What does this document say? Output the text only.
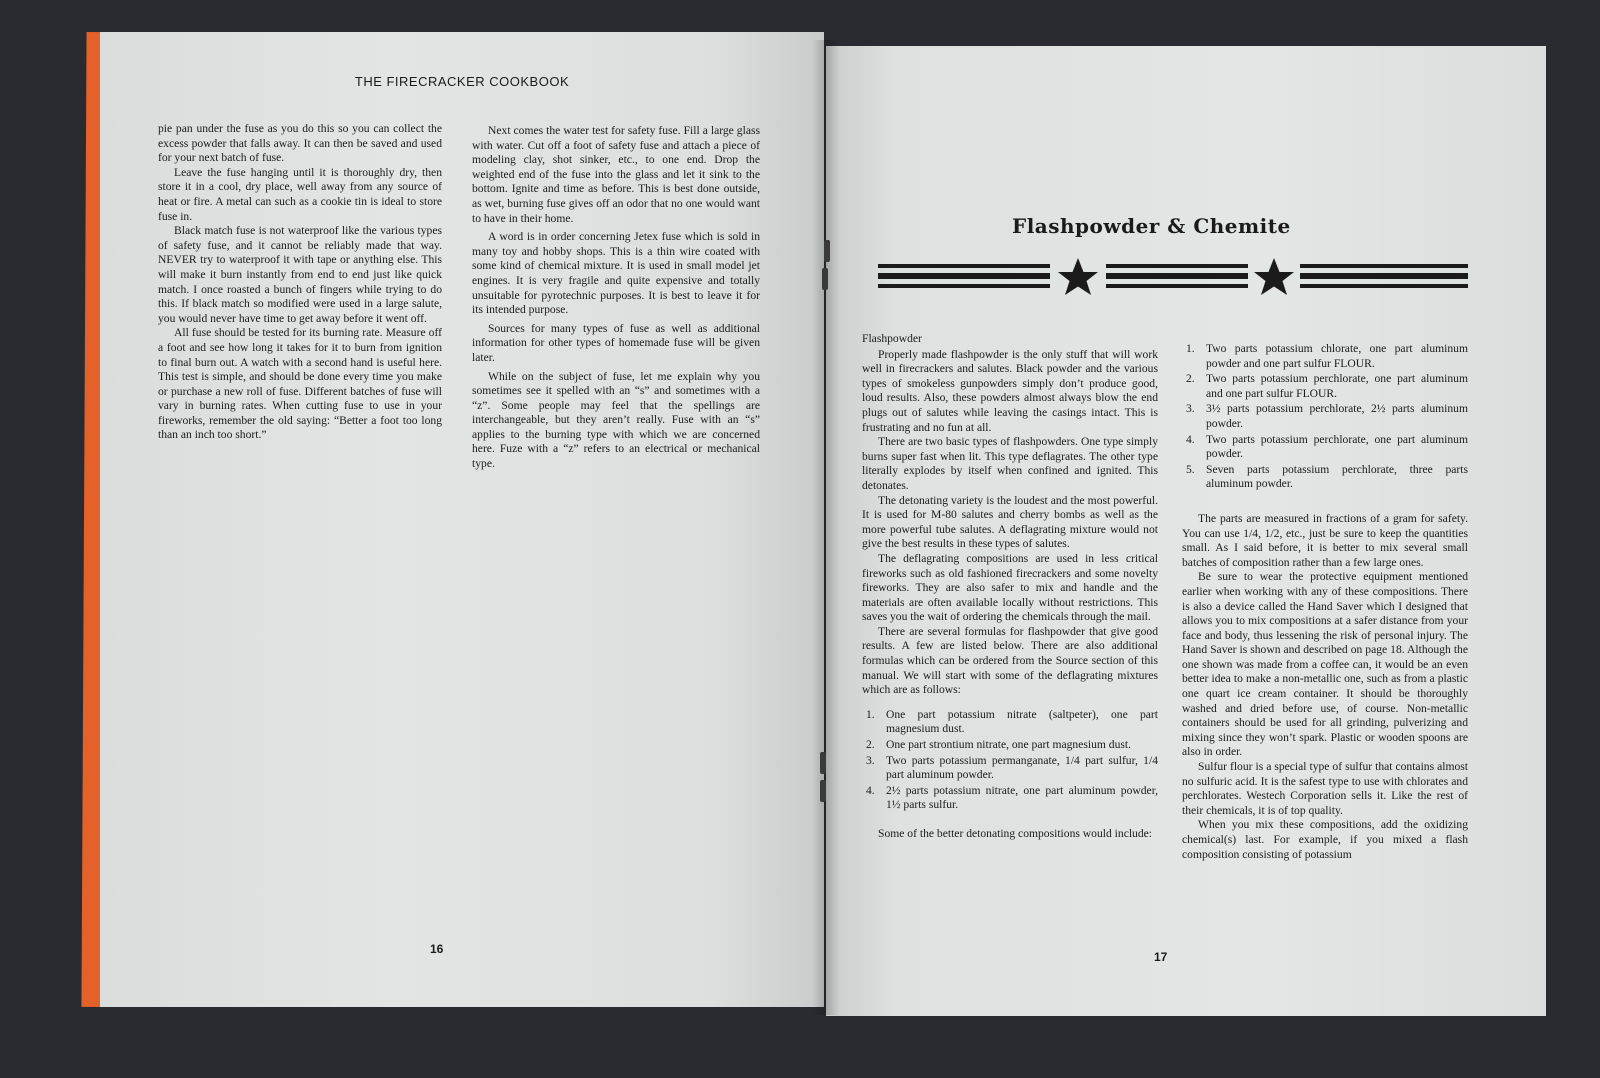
THE FIRECRACKER COOKBOOK

pie pan under the fuse as you do this so you can collect the excess powder that falls away. It can then be saved and used for your next batch of fuse.

Leave the fuse hanging until it is thoroughly dry, then store it in a cool, dry place, well away from any source of heat or fire. A metal can such as a cookie tin is ideal to store fuse in.

Black match fuse is not waterproof like the various types of safety fuse, and it cannot be reliably made that way. NEVER try to waterproof it with tape or anything else. This will make it burn instantly from end to end just like quick match. I once roasted a bunch of fingers while trying to do this. If black match so modified were used in a large salute, you would never have time to get away before it went off.

All fuse should be tested for its burning rate. Measure off a foot and see how long it takes for it to burn from ignition to final burn out. A watch with a second hand is useful here. This test is simple, and should be done every time you make or purchase a new roll of fuse. Different batches of fuse will vary in burning rates. When cutting fuse to use in your fireworks, remember the old saying: “Better a foot too long than an inch too short.”

Next comes the water test for safety fuse. Fill a large glass with water. Cut off a foot of safety fuse and attach a piece of modeling clay, shot sinker, etc., to one end. Drop the weighted end of the fuse into the glass and let it sink to the bottom. Ignite and time as before. This is best done outside, as wet, burning fuse gives off an odor that no one would want to have in their home.

A word is in order concerning Jetex fuse which is sold in many toy and hobby shops. This is a thin wire coated with some kind of chemical mixture. It is used in small model jet engines. It is very fragile and quite expensive and totally unsuitable for pyrotechnic purposes. It is best to leave it for its intended purpose.

Sources for many types of fuse as well as additional information for other types of homemade fuse will be given later.

While on the subject of fuse, let me explain why you sometimes see it spelled with an “s” and sometimes with a “z”. Some people may feel that the spellings are interchangeable, but they aren’t really. Fuse with an “s” applies to the burning type with which we are concerned here. Fuze with a “z” refers to an electrical or mechanical type.

16
Flashpowder & Chemite
Flashpowder

Properly made flashpowder is the only stuff that will work well in firecrackers and salutes. Black powder and the various types of smokeless gunpowders simply don’t produce good, loud results. Also, these powders almost always blow the end plugs out of salutes while leaving the casings intact. This is frustrating and no fun at all.

There are two basic types of flashpowders. One type simply burns super fast when lit. This type deflagrates. The other type literally explodes by itself when confined and ignited. This detonates.

The detonating variety is the loudest and the most powerful. It is used for M-80 salutes and cherry bombs as well as the more powerful tube salutes. A deflagrating mixture would not give the best results in these types of salutes.

The deflagrating compositions are used in less critical fireworks such as old fashioned firecrackers and some novelty fireworks. They are also safer to mix and handle and the materials are often available locally without restrictions. This saves you the wait of ordering the chemicals through the mail.

There are several formulas for flashpowder that give good results. A few are listed below. There are also additional formulas which can be ordered from the Source section of this manual. We will start with some of the deflagrating mixtures which are as follows:

1. One part potassium nitrate (saltpeter), one part magnesium dust.
2. One part strontium nitrate, one part magnesium dust.
3. Two parts potassium permanganate, 1/4 part sulfur, 1/4 part aluminum powder.
4. 2½ parts potassium nitrate, one part aluminum powder, 1½ parts sulfur.

Some of the better detonating compositions would include:

1. Two parts potassium chlorate, one part aluminum powder and one part sulfur FLOUR.
2. Two parts potassium perchlorate, one part aluminum and one part sulfur FLOUR.
3. 3½ parts potassium perchlorate, 2½ parts aluminum powder.
4. Two parts potassium perchlorate, one part aluminum powder.
5. Seven parts potassium perchlorate, three parts aluminum powder.

The parts are measured in fractions of a gram for safety. You can use 1/4, 1/2, etc., just be sure to keep the quantities small. As I said before, it is better to mix several small batches of composition rather than a few large ones.

Be sure to wear the protective equipment mentioned earlier when working with any of these compositions. There is also a device called the Hand Saver which I designed that allows you to mix compositions at a safer distance from your face and body, thus lessening the risk of personal injury. The Hand Saver is shown and described on page 18. Although the one shown was made from a coffee can, it would be an even better idea to make a non-metallic one, such as from a plastic one quart ice cream container. It should be thoroughly washed and dried before use, of course. Non-metallic containers should be used for all grinding, pulverizing and mixing since they won’t spark. Plastic or wooden spoons are also in order.

Sulfur flour is a special type of sulfur that contains almost no sulfuric acid. It is the safest type to use with chlorates and perchlorates. Westech Corporation sells it. Like the rest of their chemicals, it is of top quality.

When you mix these compositions, add the oxidizing chemical(s) last. For example, if you mixed a flash composition consisting of potassium

17
